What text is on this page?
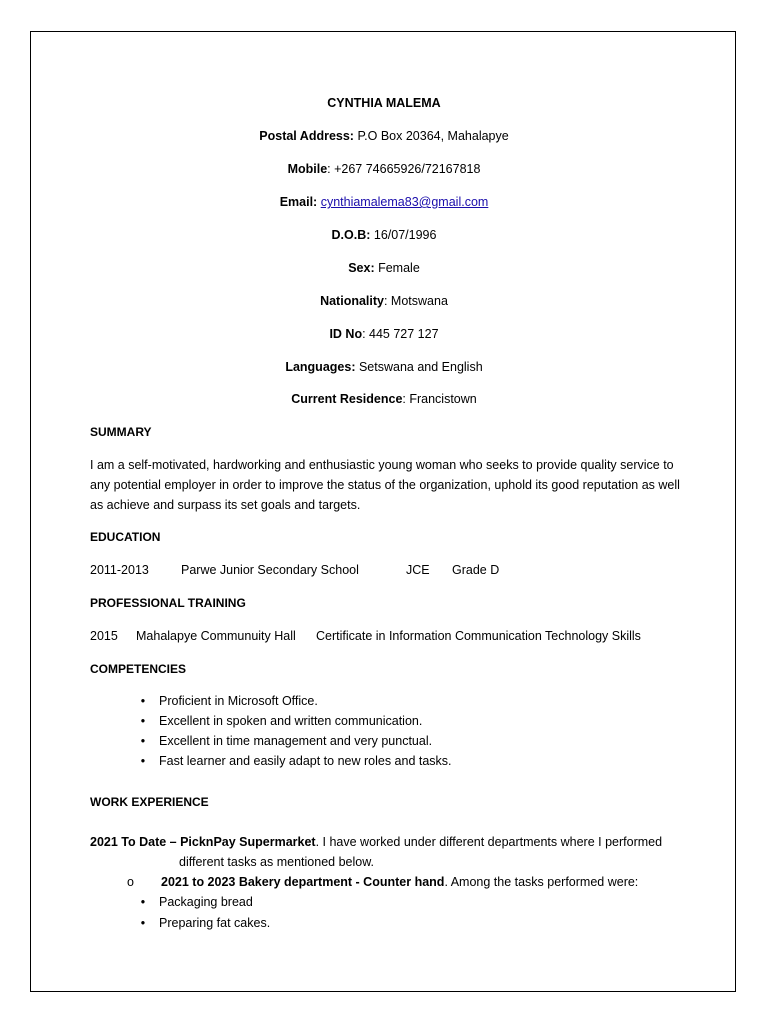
CYNTHIA MALEMA
Postal Address: P.O Box 20364, Mahalapye
Mobile: +267 74665926/72167818
Email: cynthiamalema83@gmail.com
D.O.B: 16/07/1996
Sex: Female
Nationality: Motswana
ID No: 445 727 127
Languages: Setswana and English
Current Residence: Francistown
SUMMARY
I am a self-motivated, hardworking and enthusiastic young woman who seeks to provide quality service to any potential employer in order to improve the status of the organization, uphold its good reputation as well as achieve and surpass its set goals and targets.
EDUCATION
2011-2013	Parwe Junior Secondary School	JCE Grade D
PROFESSIONAL TRAINING
2015 Mahalapye Communuity Hall Certificate in Information Communication Technology Skills
COMPETENCIES
• Proficient in Microsoft Office.
• Excellent in spoken and written communication.
• Excellent in time management and very punctual.
• Fast learner and easily adapt to new roles and tasks.
WORK EXPERIENCE
2021 To Date – PicknPay Supermarket. I have worked under different departments where I performed
different tasks as mentioned below.
o 2021 to 2023 Bakery department - Counter hand. Among the tasks performed were:
• Packaging bread
• Preparing fat cakes.
